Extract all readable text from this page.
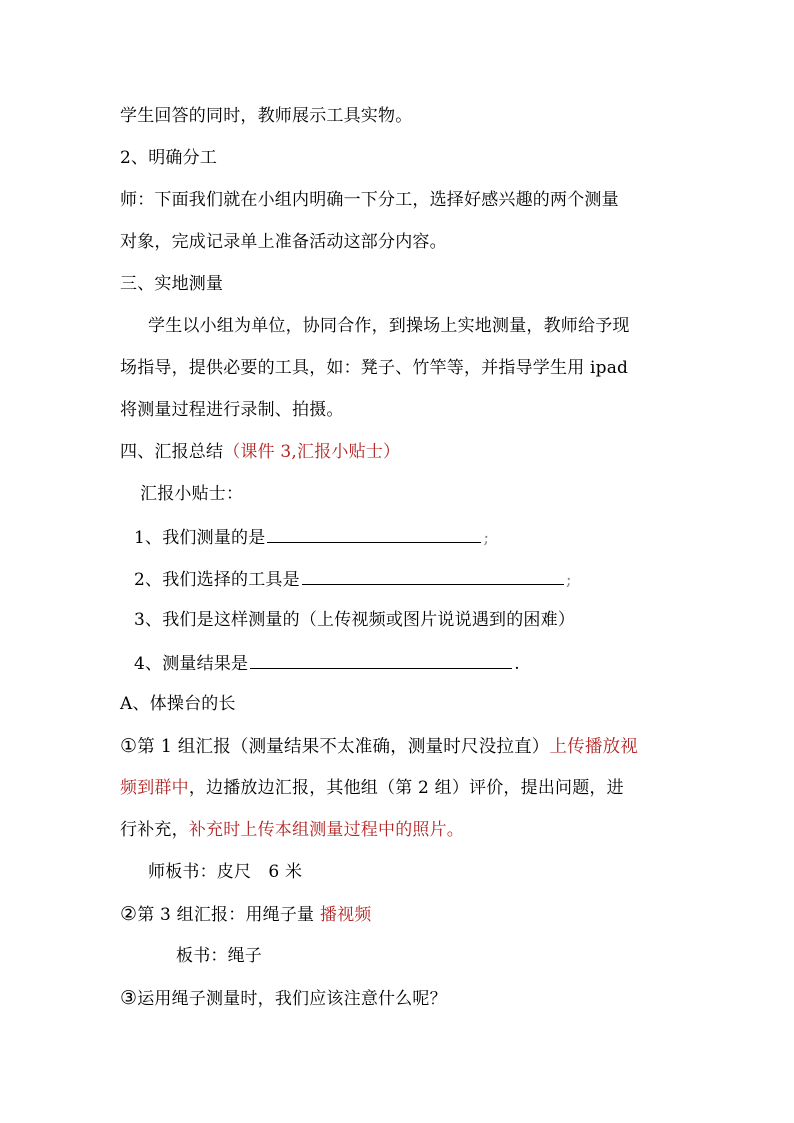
学生回答的同时，教师展示工具实物。
2、明确分工
师：下面我们就在小组内明确一下分工，选择好感兴趣的两个测量
对象，完成记录单上准备活动这部分内容。
三、实地测量
学生以小组为单位，协同合作，到操场上实地测量，教师给予现
场指导，提供必要的工具，如：凳子、竹竿等，并指导学生用 ipad
将测量过程进行录制、拍摄。
四、汇报总结（课件 3,汇报小贴士）
汇报小贴士：
1、我们测量的是	;
2、我们选择的工具是	;
3、我们是这样测量的（上传视频或图片说说遇到的困难）
4、测量结果是	.
A、体操台的长
①第 1 组汇报（测量结果不太准确，测量时尺没拉直）上传播放视
频到群中，边播放边汇报，其他组（第 2 组）评价，提出问题，进
行补充，补充时上传本组测量过程中的照片。
师板书：皮尺　6 米
②第 3 组汇报：用绳子量 播视频
板书：绳子
③运用绳子测量时，我们应该注意什么呢？
